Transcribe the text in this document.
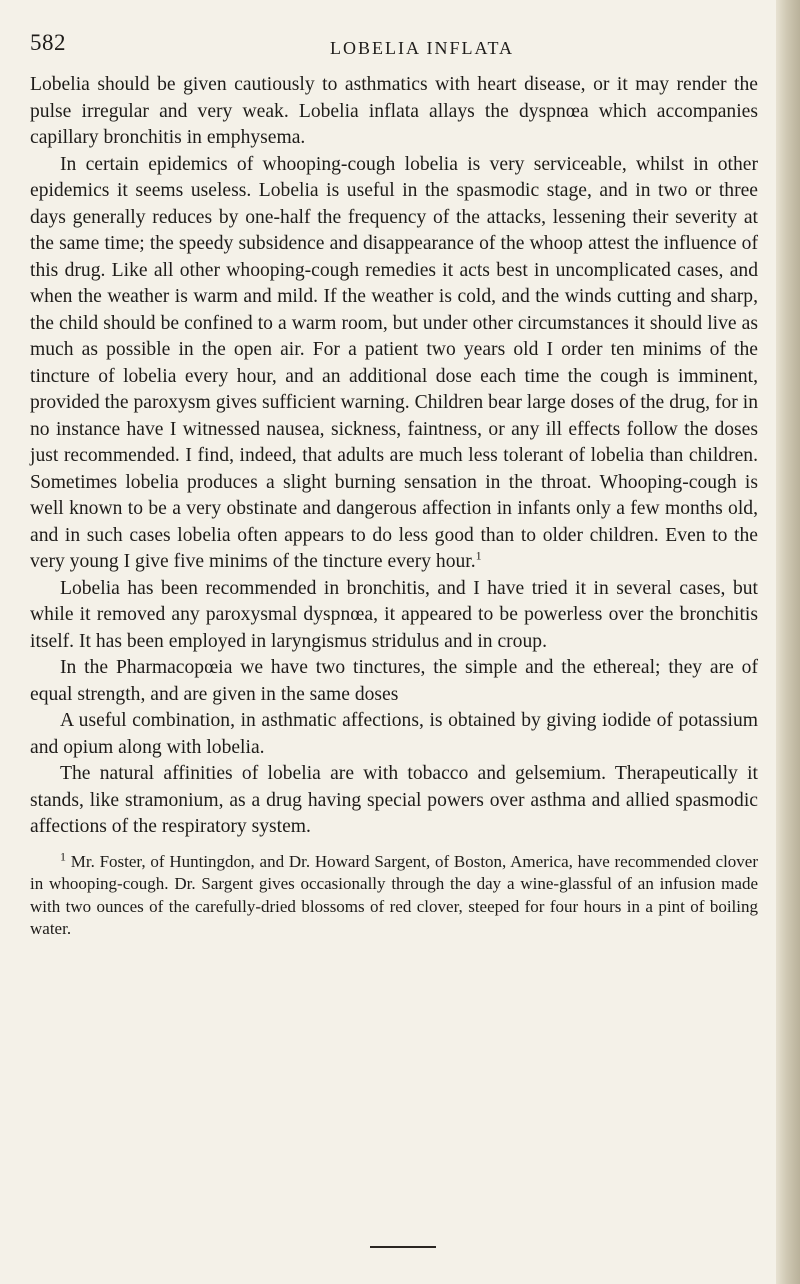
582	LOBELIA INFLATA

Lobelia should be given cautiously to asthmatics with heart disease, or it may render the pulse irregular and very weak. Lobelia inflata allays the dyspnœa which accompanies capillary bronchitis in emphysema.

In certain epidemics of whooping-cough lobelia is very serviceable, whilst in other epidemics it seems useless. Lobelia is useful in the spasmodic stage, and in two or three days generally reduces by one-half the frequency of the attacks, lessening their severity at the same time; the speedy subsidence and disappearance of the whoop attest the influence of this drug. Like all other whooping-cough remedies it acts best in uncomplicated cases, and when the weather is warm and mild. If the weather is cold, and the winds cutting and sharp, the child should be confined to a warm room, but under other circumstances it should live as much as possible in the open air. For a patient two years old I order ten minims of the tincture of lobelia every hour, and an additional dose each time the cough is imminent, provided the paroxysm gives sufficient warning. Children bear large doses of the drug, for in no instance have I witnessed nausea, sickness, faintness, or any ill effects follow the doses just recommended. I find, indeed, that adults are much less tolerant of lobelia than children. Sometimes lobelia produces a slight burning sensation in the throat. Whooping-cough is well known to be a very obstinate and dangerous affection in infants only a few months old, and in such cases lobelia often appears to do less good than to older children. Even to the very young I give five minims of the tincture every hour.$^1$

Lobelia has been recommended in bronchitis, and I have tried it in several cases, but while it removed any paroxysmal dyspnœa, it appeared to be powerless over the bronchitis itself. It has been employed in laryngismus stridulus and in croup.

In the Pharmacopœia we have two tinctures, the simple and the ethereal; they are of equal strength, and are given in the same doses

A useful combination, in asthmatic affections, is obtained by giving iodide of potassium and opium along with lobelia.

The natural affinities of lobelia are with tobacco and gelsemium. Therapeutically it stands, like stramonium, as a drug having special powers over asthma and allied spasmodic affections of the respiratory system.

$^1$ Mr. Foster, of Huntingdon, and Dr. Howard Sargent, of Boston, America, have recommended clover in whooping-cough. Dr. Sargent gives occasionally through the day a wine-glassful of an infusion made with two ounces of the carefully-dried blossoms of red clover, steeped for four hours in a pint of boiling water.
